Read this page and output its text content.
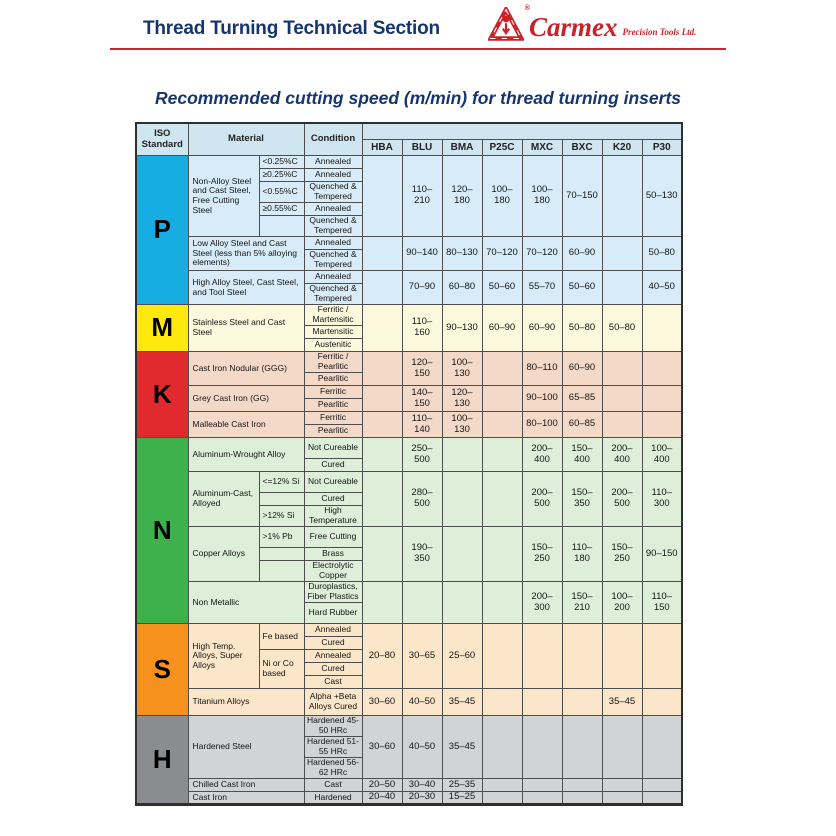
Thread Turning Technical Section
®
Carmex Precision Tools Ltd.
Recommended cutting speed (m/min) for thread turning inserts
ISO Standard	Material		Condition								
				HBA	BLU	BMA	P25C	MXC	BXC	K20	P30
P	Non-Alloy Steel and Cast Steel, Free Cutting Steel	<0.25%C	Annealed		110–210	120–180	100–180	100–180	70–150		50–130
		≥0.25%C	Annealed								
		<0.55%C	Quenched & Tempered								
		≥0.55%C	Annealed								
			Quenched & Tempered								
	Low Alloy Steel and Cast Steel (less than 5% alloying elements)		Annealed		90–140	80–130	70–120	70–120	60–90		50–80
			Quenched & Tempered								
	High Alloy Steel, Cast Steel, and Tool Steel		Annealed		70–90	60–80	50–60	55–70	50–60		40–50
			Quenched & Tempered								
M	Stainless Steel and Cast Steel		Ferritic / Martensitic		110–160	90–130	60–90	60–90	50–80	50–80	
			Martensitic								
			Austenitic								
K	Cast Iron Nodular (GGG)		Ferritic / Pearlitic		120–150	100–130		80–110	60–90		
			Pearlitic								
	Grey Cast Iron (GG)		Ferritic		140–150	120–130		90–100	65–85		
			Pearlitic								
	Malleable Cast Iron		Ferritic		110–140	100–130		80–100	60–85		
			Pearlitic								
N	Aluminum-Wrought Alloy		Not Cureable		250–500			200–400	150–400	200–400	100–400
			Cured								
	Aluminum-Cast, Alloyed	<=12% Si	Not Cureable		280–500			200–500	150–350	200–500	110–300
			Cured								
		>12% Si	High Temperature								
	Copper Alloys	>1% Pb	Free Cutting		190–350			150–250	110–180	150–250	90–150
			Brass								
			Electrolytic Copper								
	Non Metallic		Duroplastics, Fiber Plastics					200–300	150–210	100–200	110–150
			Hard Rubber								
S	High Temp. Alloys, Super Alloys	Fe based	Annealed	20–80	30–65	25–60					
			Cured								
		Ni or Co based	Annealed								
			Cured								
			Cast								
	Titanium Alloys		Alpha +Beta Alloys Cured	30–60	40–50	35–45				35–45	
H	Hardened Steel		Hardened 45-50 HRc	30–60	40–50	35–45					
			Hardened 51-55 HRc								
			Hardened 56-62 HRc								
	Chilled Cast Iron		Cast	20–50	30–40	25–35					
	Cast Iron		Hardened	20–40	20–30	15–25					
